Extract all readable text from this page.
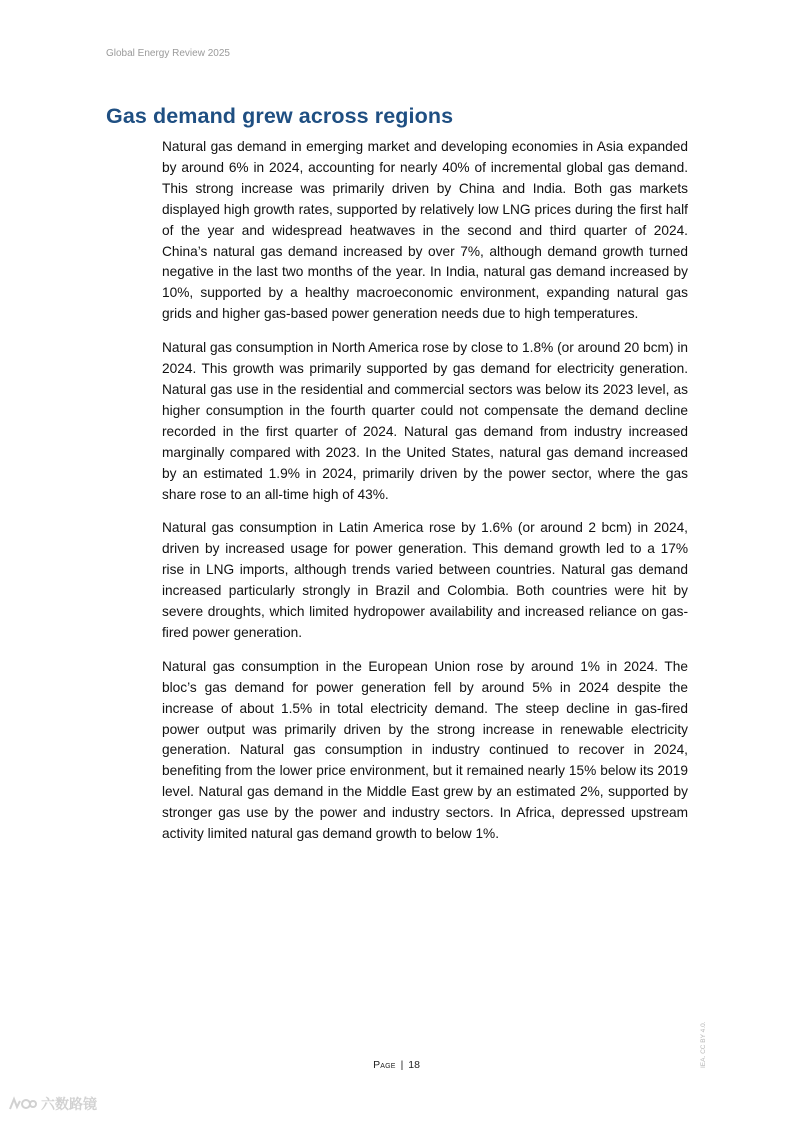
Global Energy Review 2025
Gas demand grew across regions

Natural gas demand in emerging market and developing economies in Asia expanded by around 6% in 2024, accounting for nearly 40% of incremental global gas demand. This strong increase was primarily driven by China and India. Both gas markets displayed high growth rates, supported by relatively low LNG prices during the first half of the year and widespread heatwaves in the second and third quarter of 2024. China’s natural gas demand increased by over 7%, although demand growth turned negative in the last two months of the year. In India, natural gas demand increased by 10%, supported by a healthy macroeconomic environment, expanding natural gas grids and higher gas-based power generation needs due to high temperatures.

Natural gas consumption in North America rose by close to 1.8% (or around 20 bcm) in 2024. This growth was primarily supported by gas demand for electricity generation. Natural gas use in the residential and commercial sectors was below its 2023 level, as higher consumption in the fourth quarter could not compensate the demand decline recorded in the first quarter of 2024. Natural gas demand from industry increased marginally compared with 2023. In the United States, natural gas demand increased by an estimated 1.9% in 2024, primarily driven by the power sector, where the gas share rose to an all-time high of 43%.

Natural gas consumption in Latin America rose by 1.6% (or around 2 bcm) in 2024, driven by increased usage for power generation. This demand growth led to a 17% rise in LNG imports, although trends varied between countries. Natural gas demand increased particularly strongly in Brazil and Colombia. Both countries were hit by severe droughts, which limited hydropower availability and increased reliance on gas-fired power generation.

Natural gas consumption in the European Union rose by around 1% in 2024. The bloc’s gas demand for power generation fell by around 5% in 2024 despite the increase of about 1.5% in total electricity demand. The steep decline in gas-fired power output was primarily driven by the strong increase in renewable electricity generation. Natural gas consumption in industry continued to recover in 2024, benefiting from the lower price environment, but it remained nearly 15% below its 2019 level. Natural gas demand in the Middle East grew by an estimated 2%, supported by stronger gas use by the power and industry sectors. In Africa, depressed upstream activity limited natural gas demand growth to below 1%.

Page | 18	IEA. CC BY 4.0.
六数路镜
